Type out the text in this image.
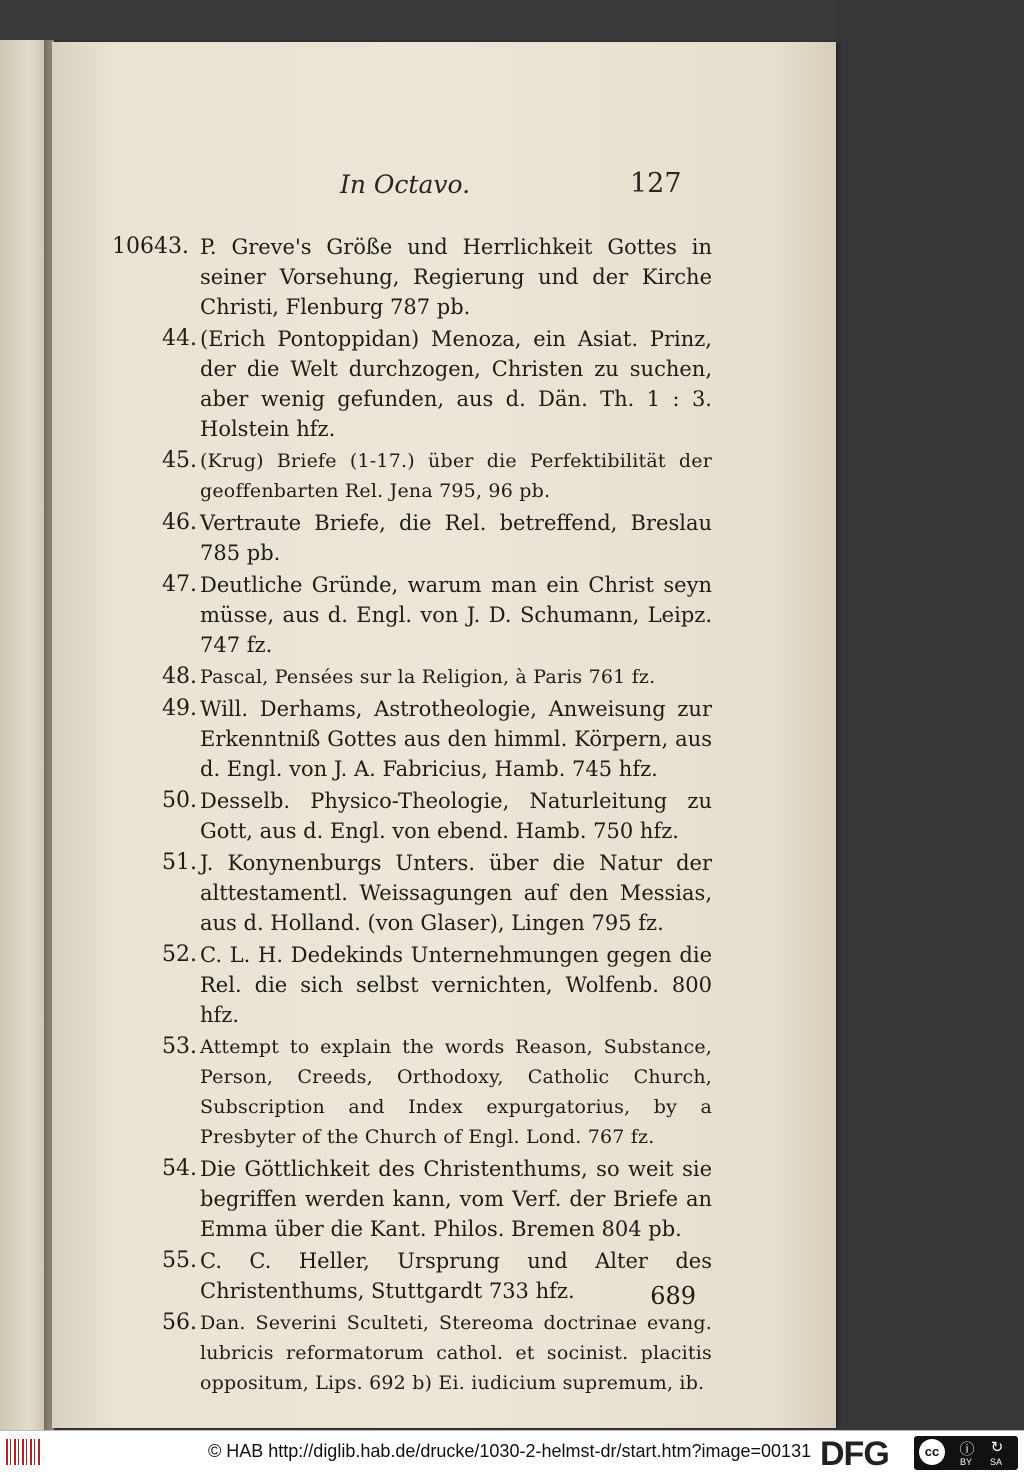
In Octavo.	127
10643. P. Greve's Größe und Herrlichkeit Gottes in seiner Vorsehung, Regierung und der Kirche Christi, Flenburg 787 pb.
44. (Erich Pontoppidan) Menoza, ein Asiat. Prinz, der die Welt durchzogen, Christen zu suchen, aber wenig gefunden, aus d. Dän. Th. 1 : 3. Holstein hfz.
45. (Krug) Briefe (1-17.) über die Perfektibilität der geoffenbarten Rel. Jena 795, 96 pb.
46. Vertraute Briefe, die Rel. betreffend, Breslau 785 pb.
47. Deutliche Gründe, warum man ein Christ seyn müsse, aus d. Engl. von J. D. Schumann, Leipz. 747 fz.
48. Pascal, Pensées sur la Religion, à Paris 761 fz.
49. Will. Derhams, Astrotheologie, Anweisung zur Erkenntniß Gottes aus den himml. Körpern, aus d. Engl. von J. A. Fabricius, Hamb. 745 hfz.
50. Desselb. Physico-Theologie, Naturleitung zu Gott, aus d. Engl. von ebend. Hamb. 750 hfz.
51. J. Konynenburgs Unters. über die Natur der alttestamentl. Weissagungen auf den Messias, aus d. Holland. (von Glaser), Lingen 795 fz.
52. C. L. H. Dedekinds Unternehmungen gegen die Rel. die sich selbst vernichten, Wolfenb. 800 hfz.
53. Attempt to explain the words Reason, Substance, Person, Creeds, Orthodoxy, Catholic Church, Subscription and Index expurgatorius, by a Presbyter of the Church of Engl. Lond. 767 fz.
54. Die Göttlichkeit des Christenthums, so weit sie begriffen werden kann, vom Verf. der Briefe an Emma über die Kant. Philos. Bremen 804 pb.
55. C. C. Heller, Ursprung und Alter des Christenthums, Stuttgardt 733 hfz.
56. Dan. Severini Sculteti, Stereoma doctrinae evang. lubricis reformatorum cathol. et socinist. placitis oppositum, Lips. 692 b) Ei. iudicium supremum, ib.
689
© HAB http://diglib.hab.de/drucke/1030-2-helmst-dr/start.htm?image=00131 DFG	cc	ⓘ	↻
BY SA
